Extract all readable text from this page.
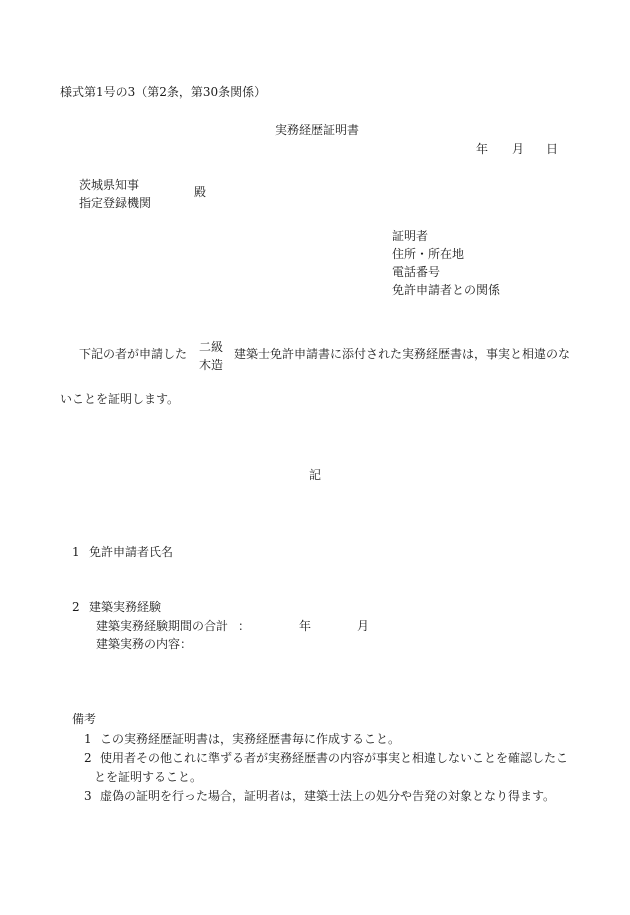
様式第1号の3（第2条，第30条関係）
実務経歴証明書
年 月 日
茨城県知事
指定登録機関
殿
証明者
住所・所在地
電話番号
免許申請者との関係
下記の者が申請した 二級
木造
建築士免許申請書に添付された実務経歴書は，事実と相違のな
いことを証明します。
記
1 免許申請者氏名
2 建築実務経験
建築実務経験期間の合計 ：	年	月
建築実務の内容：
備考
1 この実務経歴証明書は，実務経歴書毎に作成すること。
2 使用者その他これに準ずる者が実務経歴書の内容が事実と相違しないことを確認したこ
とを証明すること。
3 虚偽の証明を行った場合，証明者は，建築士法上の処分や告発の対象となり得ます。
